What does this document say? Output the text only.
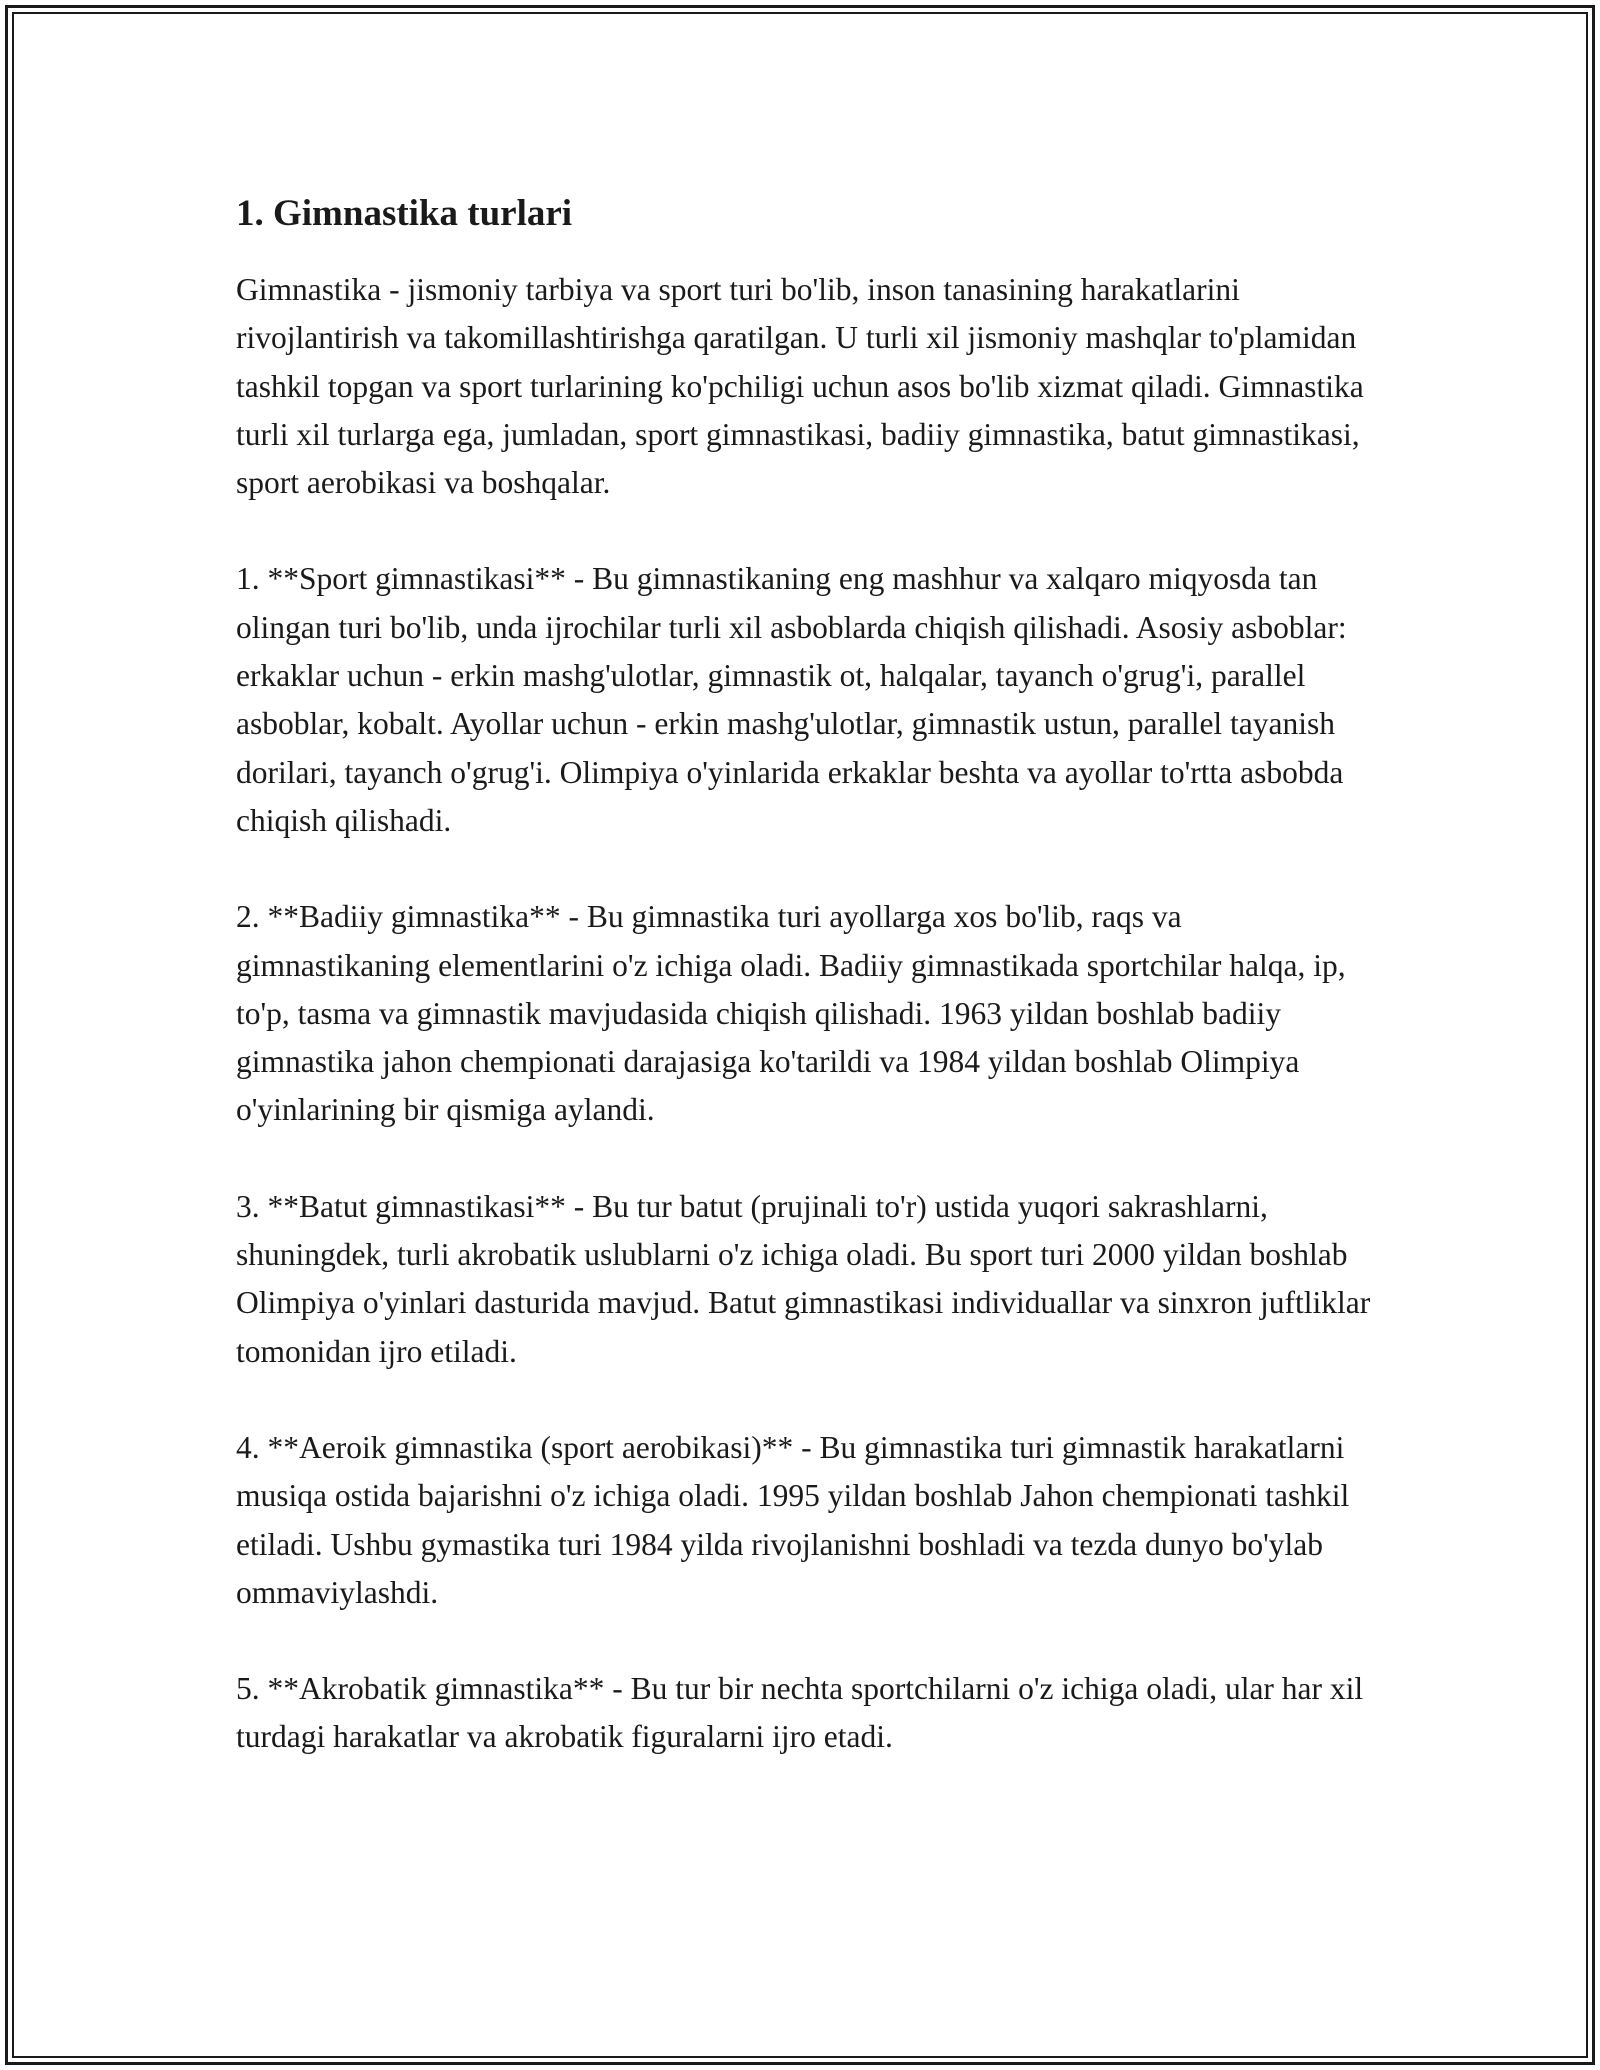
1. Gimnastika turlari

Gimnastika - jismoniy tarbiya va sport turi bo'lib, inson tanasining harakatlarini rivojlantirish va takomillashtirishga qaratilgan. U turli xil jismoniy mashqlar to'plamidan tashkil topgan va sport turlarining ko'pchiligi uchun asos bo'lib xizmat qiladi. Gimnastika turli xil turlarga ega, jumladan, sport gimnastikasi, badiiy gimnastika, batut gimnastikasi, sport aerobikasi va boshqalar.

1. **Sport gimnastikasi** - Bu gimnastikaning eng mashhur va xalqaro miqyosda tan olingan turi bo'lib, unda ijrochilar turli xil asboblarda chiqish qilishadi. Asosiy asboblar: erkaklar uchun - erkin mashg'ulotlar, gimnastik ot, halqalar, tayanch o'grug'i, parallel asboblar, kobalt. Ayollar uchun - erkin mashg'ulotlar, gimnastik ustun, parallel tayanish dorilari, tayanch o'grug'i. Olimpiya o'yinlarida erkaklar beshta va ayollar to'rtta asbobda chiqish qilishadi.

2. **Badiiy gimnastika** - Bu gimnastika turi ayollarga xos bo'lib, raqs va gimnastikaning elementlarini o'z ichiga oladi. Badiiy gimnastikada sportchilar halqa, ip, to'p, tasma va gimnastik mavjudasida chiqish qilishadi. 1963 yildan boshlab badiiy gimnastika jahon chempionati darajasiga ko'tarildi va 1984 yildan boshlab Olimpiya o'yinlarining bir qismiga aylandi.

3. **Batut gimnastikasi** - Bu tur batut (prujinali to'r) ustida yuqori sakrashlarni, shuningdek, turli akrobatik uslublarni o'z ichiga oladi. Bu sport turi 2000 yildan boshlab Olimpiya o'yinlari dasturida mavjud. Batut gimnastikasi individuallar va sinxron juftliklar tomonidan ijro etiladi.

4. **Aeroik gimnastika (sport aerobikasi)** - Bu gimnastika turi gimnastik harakatlarni musiqa ostida bajarishni o'z ichiga oladi. 1995 yildan boshlab Jahon chempionati tashkil etiladi. Ushbu gymastika turi 1984 yilda rivojlanishni boshladi va tezda dunyo bo'ylab ommaviylashdi.

5. **Akrobatik gimnastika** - Bu tur bir nechta sportchilarni o'z ichiga oladi, ular har xil turdagi harakatlar va akrobatik figuralarni ijro etadi.
